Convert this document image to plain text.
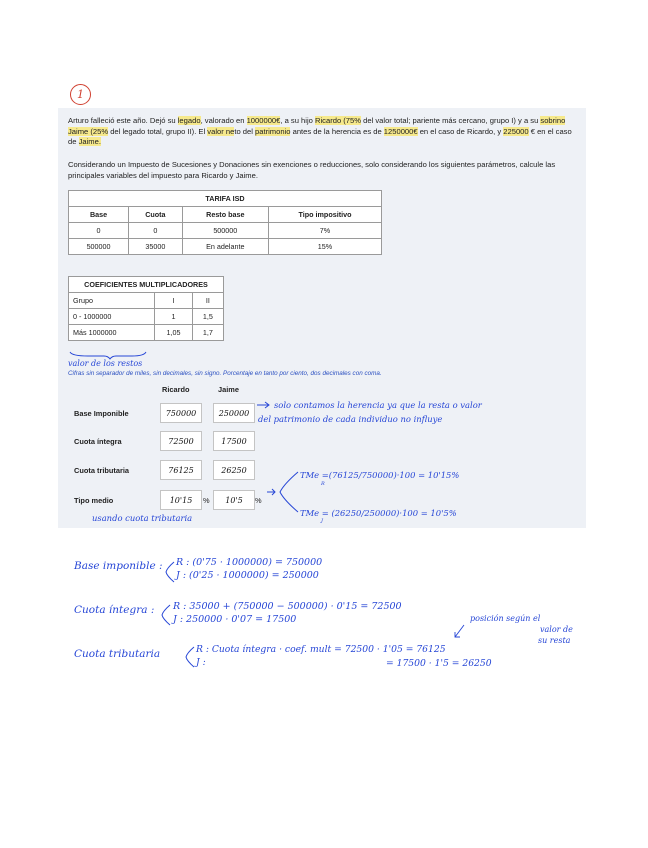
1
Arturo falleció este año. Dejó su legado, valorado en 1000000€, a su hijo Ricardo (75% del valor total; pariente más cercano, grupo I) y a su sobrino Jaime (25% del legado total, grupo II). El valor neto del patrimonio antes de la herencia es de 1250000€ en el caso de Ricardo, y 225000 € en el caso de Jaime.
Considerando un Impuesto de Sucesiones y Donaciones sin exenciones o reducciones, solo considerando los siguientes parámetros, calcule las principales variables del impuesto para Ricardo y Jaime.
TARIFA ISD			
Base	Cuota	Resto base	Tipo impositivo
0	0	500000	7%
500000	35000	En adelante	15%
COEFICIENTES MULTIPLICADORES		
Grupo	I	II
0 - 1000000	1	1,5
Más 1000000	1,05	1,7
valor de los restos
Cifras sin separador de miles, sin decimales, sin signo. Porcentaje en tanto por ciento, dos decimales con coma.
Ricardo	Jaime
Base Imponible	750000	250000
Cuota íntegra	72500	17500
Cuota tributaria	76125	26250
Tipo medio	10'15	%	10'5	%
solo contamos la herencia ya que la resta o valor
del patrimonio de cada individuo no influye
TMe =(76125/750000)·100 = 10'15%
R
TMe = (26250/250000)·100 = 10'5%
J
usando cuota tributaria
Base imponible : R : (0'75 · 1000000) = 750000
J : (0'25 · 1000000) = 250000
Cuota íntegra : R : 35000 + (750000 − 500000) · 0'15 = 72500
J : 250000 · 0'07 = 17500	posición según el
valor de
su resta
Cuota tributaria	R : Cuota íntegra · coef. mult = 72500 · 1'05 = 76125
J :	= 17500 · 1'5 = 26250
